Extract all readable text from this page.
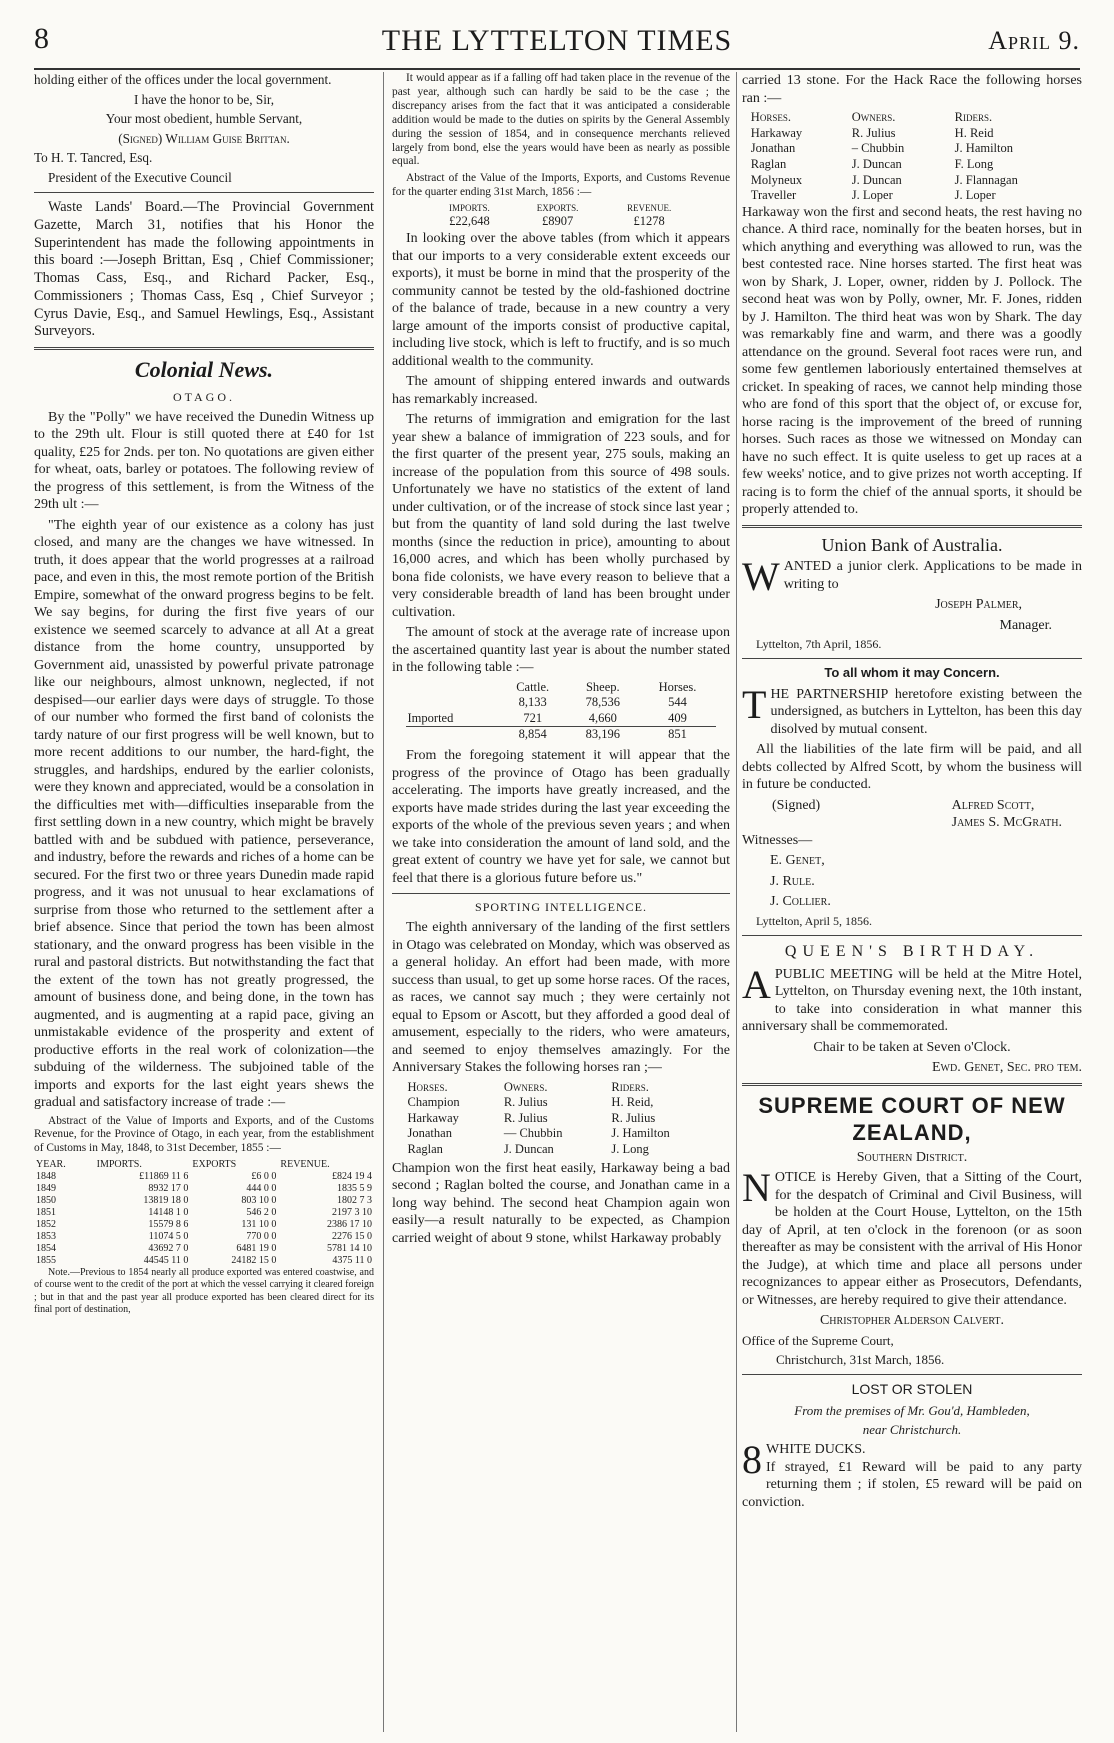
8	THE LYTTELTON TIMES	April 9.

holding either of the offices under the local government.

I have the honor to be, Sir,

Your most obedient, humble Servant,

(Signed) William Guise Brittan.

To H. T. Tancred, Esq.

President of the Executive Council

Waste Lands' Board.—The Provincial Government Gazette, March 31, notifies that his Honor the Superintendent has made the following appointments in this board :—Joseph Brittan, Esq , Chief Commissioner; Thomas Cass, Esq., and Richard Packer, Esq., Commissioners ; Thomas Cass, Esq , Chief Surveyor ; Cyrus Davie, Esq., and Samuel Hewlings, Esq., Assistant Surveyors.

Colonial News.
OTAGO.

By the "Polly" we have received the Dunedin Witness up to the 29th ult. Flour is still quoted there at £40 for 1st quality, £25 for 2nds. per ton. No quotations are given either for wheat, oats, barley or potatoes. The following review of the progress of this settlement, is from the Witness of the 29th ult :—

"The eighth year of our existence as a colony has just closed, and many are the changes we have witnessed. In truth, it does appear that the world progresses at a railroad pace, and even in this, the most remote portion of the British Empire, somewhat of the onward progress begins to be felt. We say begins, for during the first five years of our existence we seemed scarcely to advance at all At a great distance from the home country, unsupported by Government aid, unassisted by powerful private patronage like our neighbours, almost unknown, neglected, if not despised—our earlier days were days of struggle. To those of our number who formed the first band of colonists the tardy nature of our first progress will be well known, but to more recent additions to our number, the hard-fight, the struggles, and hardships, endured by the earlier colonists, were they known and appreciated, would be a consolation in the difficulties met with—difficulties inseparable from the first settling down in a new country, which might be bravely battled with and be subdued with patience, perseverance, and industry, before the rewards and riches of a home can be secured. For the first two or three years Dunedin made rapid progress, and it was not unusual to hear exclamations of surprise from those who returned to the settlement after a brief absence. Since that period the town has been almost stationary, and the onward progress has been visible in the rural and pastoral districts. But notwithstanding the fact that the extent of the town has not greatly progressed, the amount of business done, and being done, in the town has augmented, and is augmenting at a rapid pace, giving an unmistakable evidence of the prosperity and extent of productive efforts in the real work of colonization—the subduing of the wilderness. The subjoined table of the imports and exports for the last eight years shews the gradual and satisfactory increase of trade :—

Abstract of the Value of Imports and Exports, and of the Customs Revenue, for the Province of Otago, in each year, from the establishment of Customs in May, 1848, to 31st December, 1855 :—

YEAR.	IMPORTS.	EXPORTS	REVENUE.
1848	£11869 11 6	£6 0 0	£824 19 4
1849	8932 17 0	444 0 0	1835 5 9
1850	13819 18 0	803 10 0	1802 7 3
1851	14148 1 0	546 2 0	2197 3 10
1852	15579 8 6	131 10 0	2386 17 10
1853	11074 5 0	770 0 0	2276 15 0
1854	43692 7 0	6481 19 0	5781 14 10
1855	44545 11 0	24182 15 0	4375 11 0

Note.—Previous to 1854 nearly all produce exported was entered coastwise, and of course went to the credit of the port at which the vessel carrying it cleared foreign ; but in that and the past year all produce exported has been cleared direct for its final port of destination,

It would appear as if a falling off had taken place in the revenue of the past year, although such can hardly be said to be the case ; the discrepancy arises from the fact that it was anticipated a considerable addition would be made to the duties on spirits by the General Assembly during the session of 1854, and in consequence merchants relieved largely from bond, else the years would have been as nearly as possible equal.

Abstract of the Value of the Imports, Exports, and Customs Revenue for the quarter ending 31st March, 1856 :—

IMPORTS.	EXPORTS.	REVENUE.
£22,648	£8907	£1278

In looking over the above tables (from which it appears that our imports to a very considerable extent exceeds our exports), it must be borne in mind that the prosperity of the community cannot be tested by the old-fashioned doctrine of the balance of trade, because in a new country a very large amount of the imports consist of productive capital, including live stock, which is left to fructify, and is so much additional wealth to the community.

The amount of shipping entered inwards and outwards has remarkably increased.

The returns of immigration and emigration for the last year shew a balance of immigration of 223 souls, and for the first quarter of the present year, 275 souls, making an increase of the population from this source of 498 souls. Unfortunately we have no statistics of the extent of land under cultivation, or of the increase of stock since last year ; but from the quantity of land sold during the last twelve months (since the reduction in price), amounting to about 16,000 acres, and which has been wholly purchased by bona fide colonists, we have every reason to believe that a very considerable breadth of land has been brought under cultivation.

The amount of stock at the average rate of increase upon the ascertained quantity last year is about the number stated in the following table :—

	Cattle.	Sheep.	Horses.
	8,133	78,536	544
Imported	721	4,660	409
	8,854	83,196	851

From the foregoing statement it will appear that the progress of the province of Otago has been gradually accelerating. The imports have greatly increased, and the exports have made strides during the last year exceeding the exports of the whole of the previous seven years ; and when we take into consideration the amount of land sold, and the great extent of country we have yet for sale, we cannot but feel that there is a glorious future before us."

SPORTING INTELLIGENCE.

The eighth anniversary of the landing of the first settlers in Otago was celebrated on Monday, which was observed as a general holiday. An effort had been made, with more success than usual, to get up some horse races. Of the races, as races, we cannot say much ; they were certainly not equal to Epsom or Ascott, but they afforded a good deal of amusement, especially to the riders, who were amateurs, and seemed to enjoy themselves amazingly. For the Anniversary Stakes the following horses ran ;—

Horses.	Owners.	Riders.
Champion	R. Julius	H. Reid,
Harkaway	R. Julius	R. Julius
Jonathan	— Chubbin	J. Hamilton
Raglan	J. Duncan	J. Long

Champion won the first heat easily, Harkaway being a bad second ; Raglan bolted the course, and Jonathan came in a long way behind. The second heat Champion again won easily—a result naturally to be expected, as Champion carried weight of about 9 stone, whilst Harkaway probably

carried 13 stone. For the Hack Race the following horses ran :—

Horses.	Owners.	Riders.
Harkaway	R. Julius	H. Reid
Jonathan	– Chubbin	J. Hamilton
Raglan	J. Duncan	F. Long
Molyneux	J. Duncan	J. Flannagan
Traveller	J. Loper	J. Loper

Harkaway won the first and second heats, the rest having no chance. A third race, nominally for the beaten horses, but in which anything and everything was allowed to run, was the best contested race. Nine horses started. The first heat was won by Shark, J. Loper, owner, ridden by J. Pollock. The second heat was won by Polly, owner, Mr. F. Jones, ridden by J. Hamilton. The third heat was won by Shark. The day was remarkably fine and warm, and there was a goodly attendance on the ground. Several foot races were run, and some few gentlemen laboriously entertained themselves at cricket. In speaking of races, we cannot help minding those who are fond of this sport that the object of, or excuse for, horse racing is the improvement of the breed of running horses. Such races as those we witnessed on Monday can have no such effect. It is quite useless to get up races at a few weeks' notice, and to give prizes not worth accepting. If racing is to form the chief of the annual sports, it should be properly attended to.

Union Bank of Australia.

WANTED a junior clerk. Applications to be made in writing to

Joseph Palmer,

Manager.

Lyttelton, 7th April, 1856.

To all whom it may Concern.

THE PARTNERSHIP heretofore existing between the undersigned, as butchers in Lyttelton, has been this day disolved by mutual consent.

All the liabilities of the late firm will be paid, and all debts collected by Alfred Scott, by whom the business will in future be conducted.

(Signed)	Alfred Scott,
James S. McGrath.

Witnesses—

E. Genet,

J. Rule.

J. Collier.

Lyttelton, April 5, 1856.

QUEEN'S BIRTHDAY.

APUBLIC MEETING will be held at the Mitre Hotel, Lyttelton, on Thursday evening next, the 10th instant, to take into consideration in what manner this anniversary shall be commemorated.

Chair to be taken at Seven o'Clock.

Ewd. Genet, Sec. pro tem.

SUPREME COURT OF NEW ZEALAND,

Southern District.

NOTICE is Hereby Given, that a Sitting of the Court, for the despatch of Criminal and Civil Business, will be holden at the Court House, Lyttelton, on the 15th day of April, at ten o'clock in the forenoon (or as soon thereafter as may be consistent with the arrival of His Honor the Judge), at which time and place all persons under recognizances to appear either as Prosecutors, Defendants, or Witnesses, are hereby required to give their attendance.

Christopher Alderson Calvert.

Office of the Supreme Court,

Christchurch, 31st March, 1856.

LOST OR STOLEN

From the premises of Mr. Gou'd, Hambleden,

near Christchurch.

8 WHITE DUCKS.
If strayed, £1 Reward will be paid to any party returning them ; if stolen, £5 reward will be paid on conviction.
